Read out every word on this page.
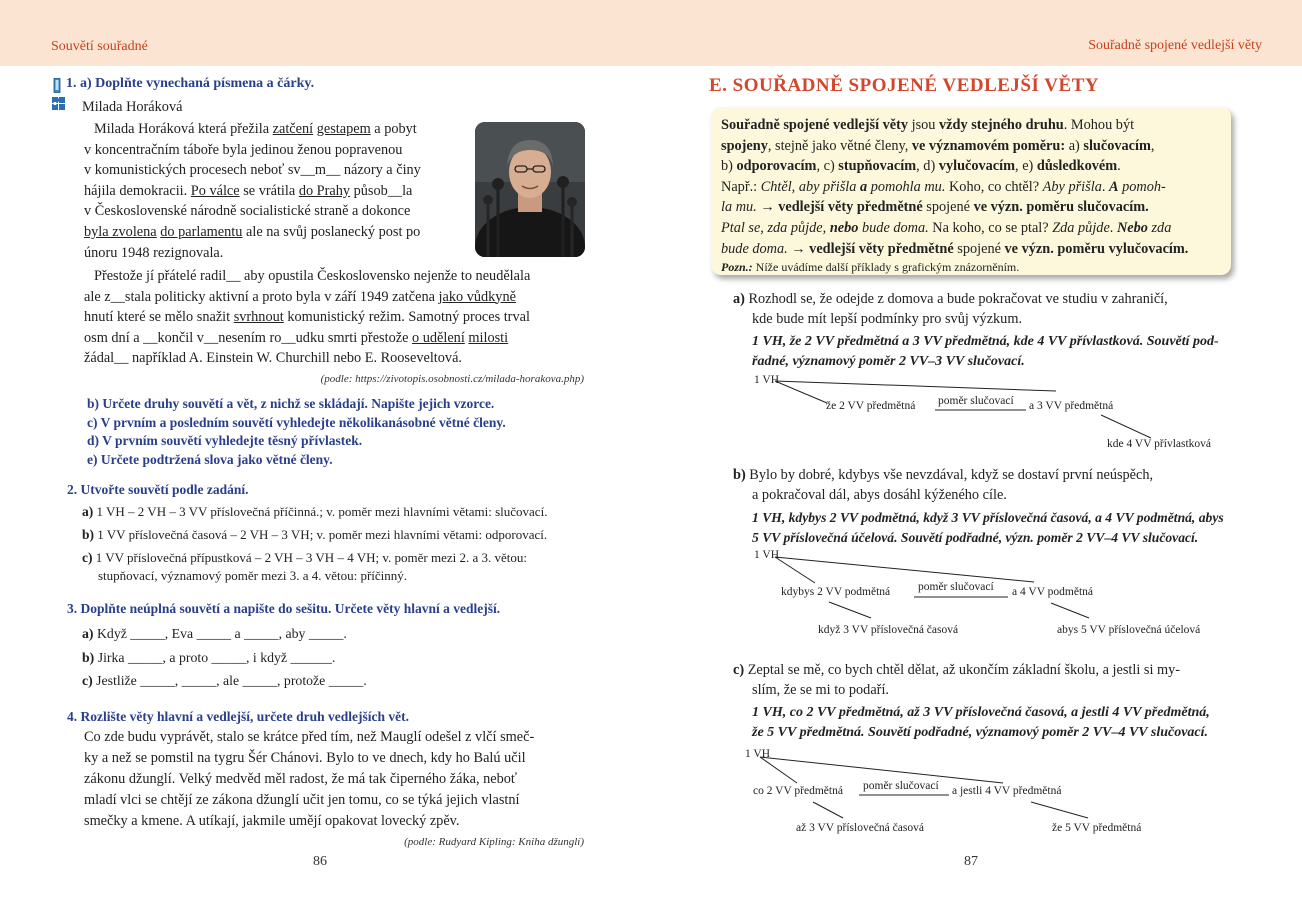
Souvětí souřadné	Souřadně spojené vedlejší věty
1. a) Doplňte vynechaná písmena a čárky.
Milada Horáková
Milada Horáková která přežila zatčení gestapem a pobyt
v koncentračním táboře byla jedinou ženou popravenou
v komunistických procesech neboť sv__m__ názory a činy
hájila demokracii. Po válce se vrátila do Prahy působ__la
v Československé národně socialistické straně a dokonce
byla zvolena do parlamentu ale na svůj poslanecký post po
únoru 1948 rezignovala.
Přestože jí přátelé radil__ aby opustila Československo nejenže to neudělala
ale z__stala politicky aktivní a proto byla v září 1949 zatčena jako vůdkyně
hnutí které se mělo snažit svrhnout komunistický režim. Samotný proces trval
osm dní a __končil v__nesením ro__udku smrti přestože o udělení milosti
žádal__ například A. Einstein W. Churchill nebo E. Rooseveltová.
(podle: https://zivotopis.osobnosti.cz/milada-horakova.php)
b) Určete druhy souvětí a vět, z nichž se skládají. Napište jejich vzorce.
c) V prvním a posledním souvětí vyhledejte několikanásobné větné členy.
d) V prvním souvětí vyhledejte těsný přívlastek.
e) Určete podtržená slova jako větné členy.
2. Utvořte souvětí podle zadání.
a) 1 VH – 2 VH – 3 VV příslovečná příčinná.; v. poměr mezi hlavními větami: slučovací.
b) 1 VV příslovečná časová – 2 VH – 3 VH; v. poměr mezi hlavními větami: odporovací.
c) 1 VV příslovečná přípustková – 2 VH – 3 VH – 4 VH; v. poměr mezi 2. a 3. větou:
stupňovací, významový poměr mezi 3. a 4. větou: příčinný.
3. Doplňte neúplná souvětí a napište do sešitu. Určete věty hlavní a vedlejší.
a) Když _____, Eva _____ a _____, aby _____.
b) Jirka _____, a proto _____, i když ______.
c) Jestliže _____, _____, ale _____, protože _____.
4. Rozlište věty hlavní a vedlejší, určete druh vedlejších vět.
Co zde budu vyprávět, stalo se krátce před tím, než Mauglí odešel z vlčí smeč-
ky a než se pomstil na tygru Šér Chánovi. Bylo to ve dnech, kdy ho Balú učil
zákonu džunglí. Velký medvěd měl radost, že má tak čiperného žáka, neboť
mladí vlci se chtějí ze zákona džunglí učit jen tomu, co se týká jejich vlastní
smečky a kmene. A utíkají, jakmile umějí opakovat lovecký zpěv.
(podle: Rudyard Kipling: Kniha džunglí)
86
E. SOUŘADNĚ SPOJENÉ VEDLEJŠÍ VĚTY
Souřadně spojené vedlejší věty jsou vždy stejného druhu. Mohou být
spojeny, stejně jako větné členy, ve významovém poměru: a) slučovacím,
b) odporovacím, c) stupňovacím, d) vylučovacím, e) důsledkovém.
Např.: Chtěl, aby přišla a pomohla mu. Koho, co chtěl? Aby přišla. A pomoh-
la mu. → vedlejší věty předmětné spojené ve význ. poměru slučovacím.
Ptal se, zda půjde, nebo bude doma. Na koho, co se ptal? Zda půjde. Nebo zda
bude doma. → vedlejší věty předmětné spojené ve význ. poměru vylučovacím.
Pozn.: Níže uvádíme další příklady s grafickým znázorněním.
a) Rozhodl se, že odejde z domova a bude pokračovat ve studiu v zahraničí,
kde bude mít lepší podmínky pro svůj výzkum.
1 VH, že 2 VV předmětná a 3 VV předmětná, kde 4 VV přívlastková. Souvětí pod-
řadné, významový poměr 2 VV–3 VV slučovací.
1 VH
že 2 VV předmětná poměr slučovací a 3 VV předmětná
kde 4 VV přívlastková
b) Bylo by dobré, kdybys vše nevzdával, když se dostaví první neúspěch,
a pokračoval dál, abys dosáhl kýženého cíle.
1 VH, kdybys 2 VV podmětná, když 3 VV příslovečná časová, a 4 VV podmětná, abys
5 VV příslovečná účelová. Souvětí podřadné, význ. poměr 2 VV–4 VV slučovací.
1 VH
kdybys 2 VV podmětná poměr slučovací a 4 VV podmětná
když 3 VV příslovečná časová	abys 5 VV příslovečná účelová
c) Zeptal se mě, co bych chtěl dělat, až ukončím základní školu, a jestli si my-
slím, že se mi to podaří.
1 VH, co 2 VV předmětná, až 3 VV příslovečná časová, a jestli 4 VV předmětná,
že 5 VV předmětná. Souvětí podřadné, významový poměr 2 VV–4 VV slučovací.
1 VH
co 2 VV předmětná poměr slučovací a jestli 4 VV předmětná
až 3 VV příslovečná časová	že 5 VV předmětná
87
